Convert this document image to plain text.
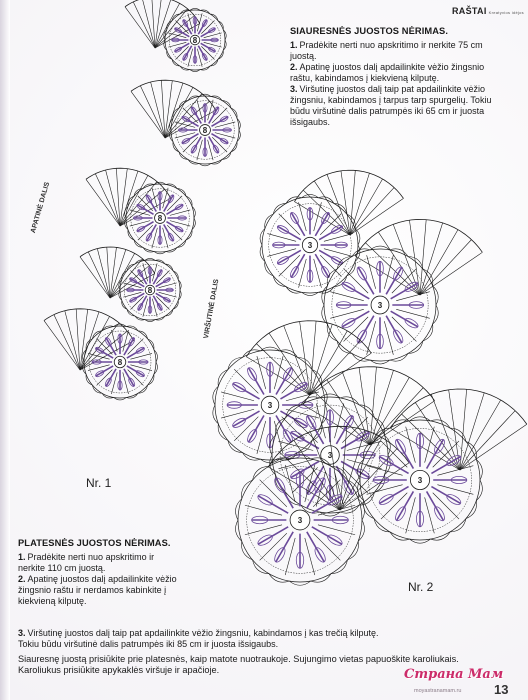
8
8
8
8
8
3
3
3
3
3
3
RAŠTAI Kreatyvios idėjos
SIAURESNĖS JUOSTOS NĖRIMAS.
1. Pradėkite nerti nuo apskritimo ir nerkite 75 cm juostą.
2. Apatinę juostos dalį apdailinkite vėžio žingsnio raštu, kabindamos į kiekvieną kilputę.
3. Viršutinę juostos dalį taip pat apdailinkite vėžio žingsniu, kabindamos į tarpus tarp spurgelių. Tokiu būdu viršutinė dalis patrumpės iki 65 cm ir juosta išsigaubs.
PLATESNĖS JUOSTOS NĖRIMAS.
1. Pradėkite nerti nuo apskritimo ir nerkite 110 cm juostą.
2. Apatinę juostos dalį apdailinkite vėžio žingsnio raštu ir nerdamos kabinkite į kiekvieną kilputę.
3. Viršutinę juostos dalį taip pat apdailinkite vėžio žingsniu, kabindamos į kas trečią kilputę.
Tokiu būdu viršutinė dalis patrumpės iki 85 cm ir juosta išsigaubs.
Siauresnę juostą prisiūkite prie platesnės, kaip matote nuotraukoje. Sujungimo vietas papuoškite karoliukais. Karoliukus prisiūkite apykaklės viršuje ir apačioje.
Nr. 1
Nr. 2
APATINĖ DALIS
VIRŠUTINĖ DALIS
Страна Мам
moyastranamam.ru	13
